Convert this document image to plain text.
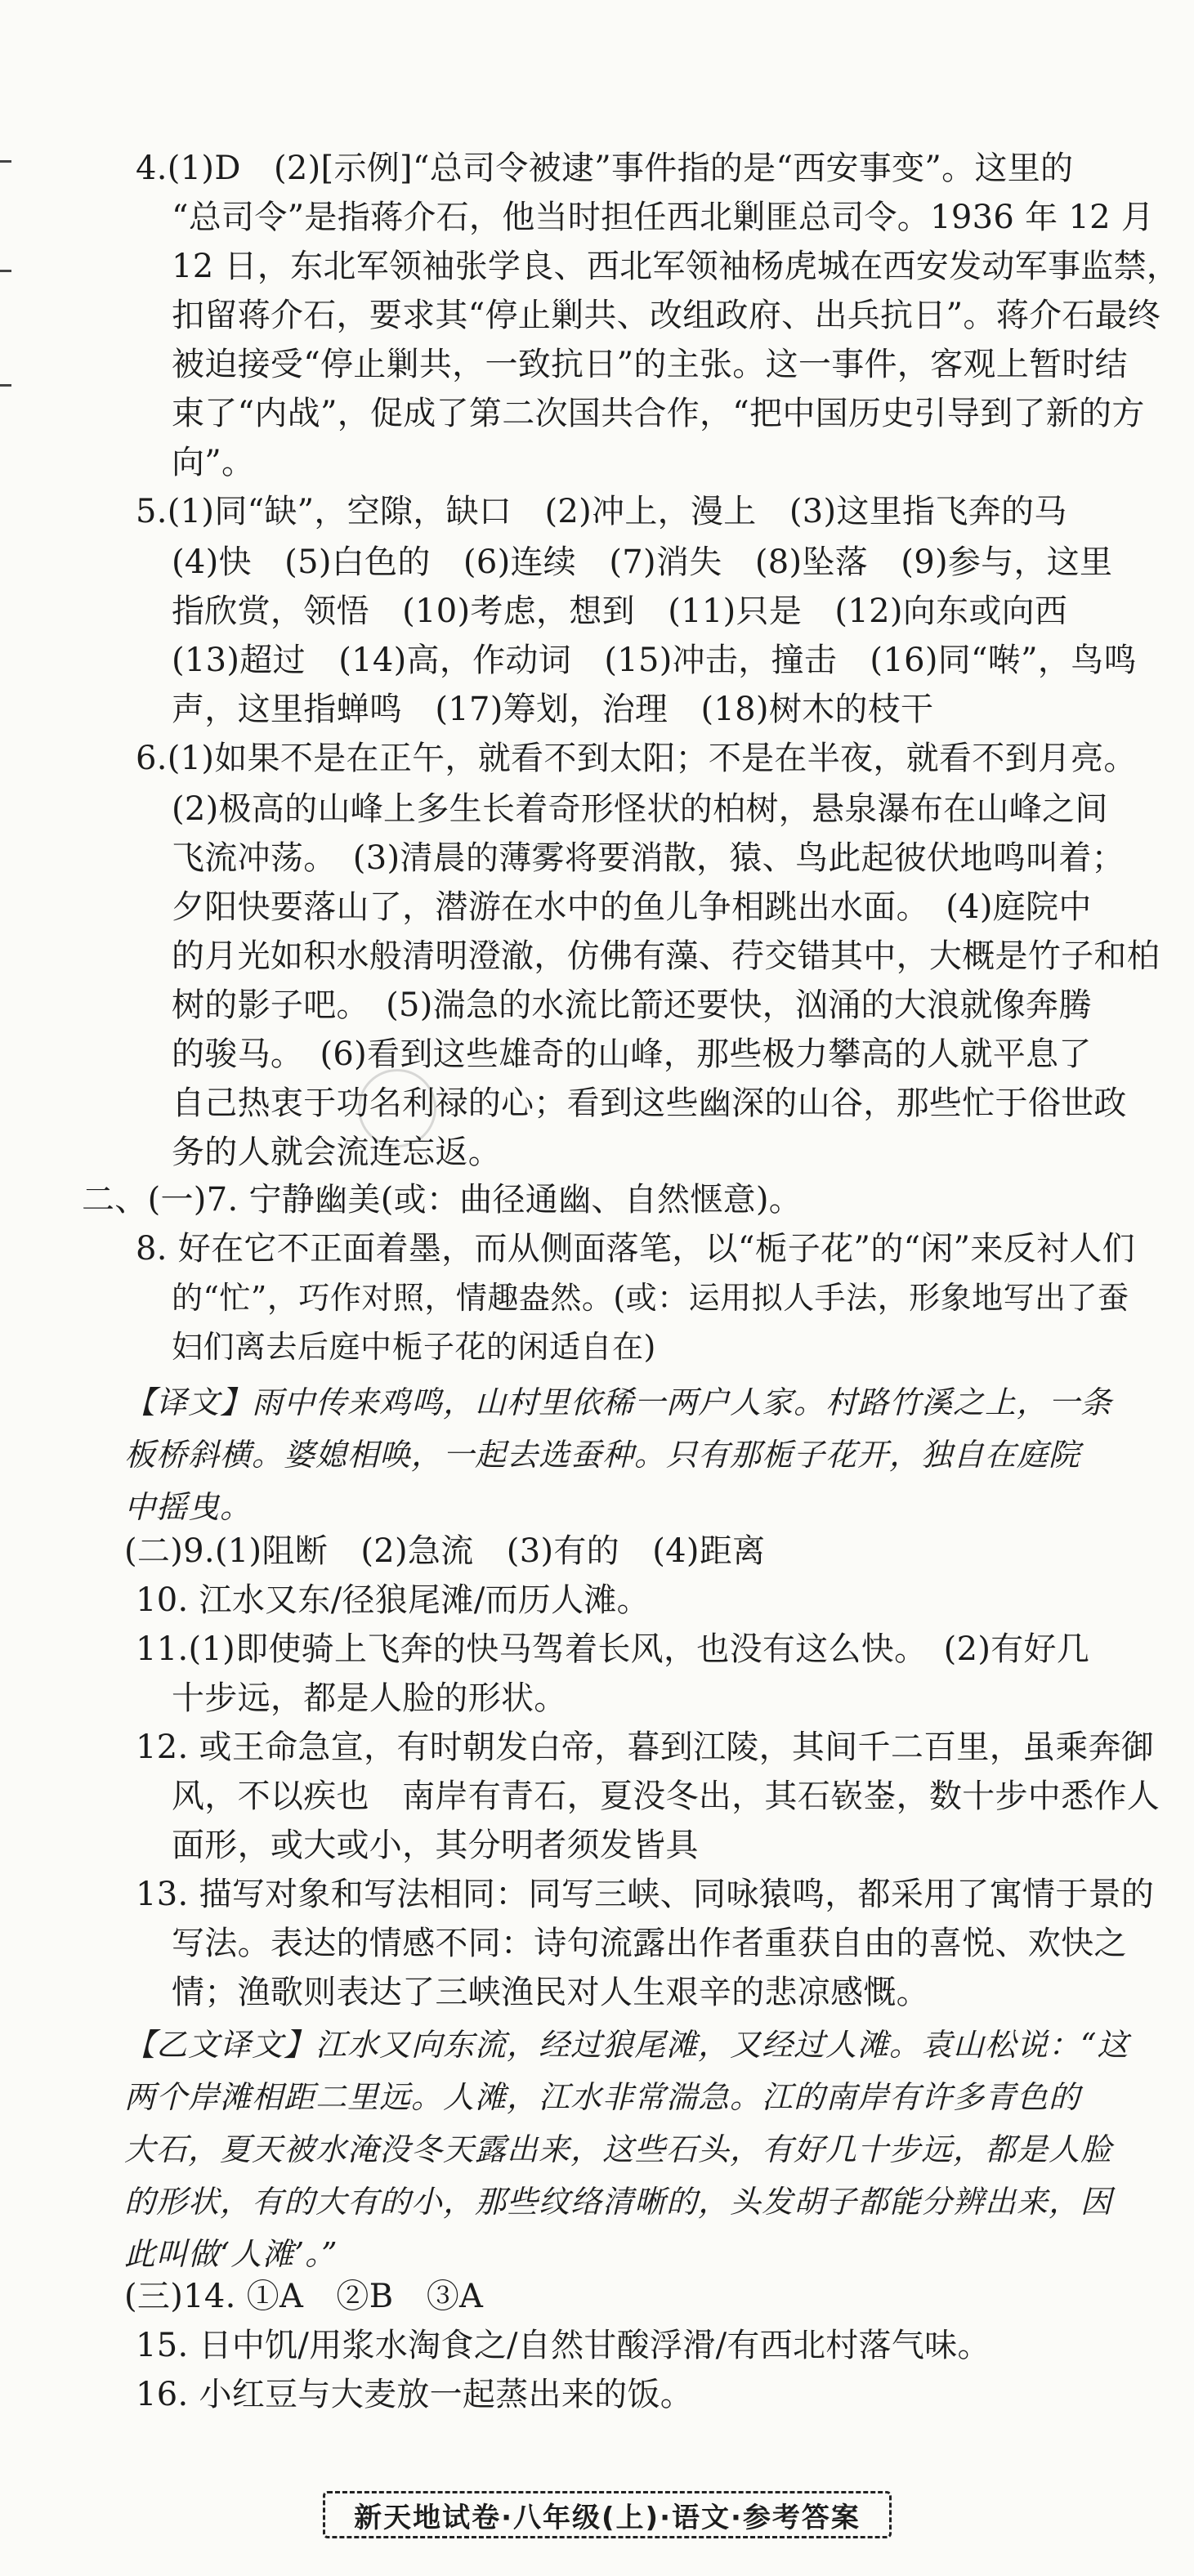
4.(1)D　(2)[示例]“总司令被逮”事件指的是“西安事变”。这里的
“总司令”是指蒋介石，他当时担任西北剿匪总司令。1936 年 12 月
12 日，东北军领袖张学良、西北军领袖杨虎城在西安发动军事监禁，
扣留蒋介石，要求其“停止剿共、改组政府、出兵抗日”。蒋介石最终
被迫接受“停止剿共，一致抗日”的主张。这一事件，客观上暂时结
束了“内战”，促成了第二次国共合作，“把中国历史引导到了新的方
向”。
5.(1)同“缺”，空隙，缺口　(2)冲上，漫上　(3)这里指飞奔的马
(4)快　(5)白色的　(6)连续　(7)消失　(8)坠落　(9)参与，这里
指欣赏，领悟　(10)考虑，想到　(11)只是　(12)向东或向西
(13)超过　(14)高，作动词　(15)冲击，撞击　(16)同“啭”，鸟鸣
声，这里指蝉鸣　(17)筹划，治理　(18)树木的枝干
6.(1)如果不是在正午，就看不到太阳；不是在半夜，就看不到月亮。
(2)极高的山峰上多生长着奇形怪状的柏树，悬泉瀑布在山峰之间
飞流冲荡。　(3)清晨的薄雾将要消散，猿、鸟此起彼伏地鸣叫着；
夕阳快要落山了，潜游在水中的鱼儿争相跳出水面。　(4)庭院中
的月光如积水般清明澄澈，仿佛有藻、荇交错其中，大概是竹子和柏
树的影子吧。　(5)湍急的水流比箭还要快，汹涌的大浪就像奔腾
的骏马。　(6)看到这些雄奇的山峰，那些极力攀高的人就平息了
自己热衷于功名利禄的心；看到这些幽深的山谷，那些忙于俗世政
务的人就会流连忘返。
二、(一)7. 宁静幽美(或：曲径通幽、自然惬意)。
8. 好在它不正面着墨，而从侧面落笔，以“栀子花”的“闲”来反衬人们
的“忙”，巧作对照，情趣盎然。(或：运用拟人手法，形象地写出了蚕
妇们离去后庭中栀子花的闲适自在)
【译文】雨中传来鸡鸣，山村里依稀一两户人家。村路竹溪之上，一条
板桥斜横。婆媳相唤，一起去选蚕种。只有那栀子花开，独自在庭院
中摇曳。
(二)9.(1)阻断　(2)急流　(3)有的　(4)距离
10. 江水又东/径狼尾滩/而历人滩。
11.(1)即使骑上飞奔的快马驾着长风，也没有这么快。　(2)有好几
十步远，都是人脸的形状。
12. 或王命急宣，有时朝发白帝，暮到江陵，其间千二百里，虽乘奔御
风，不以疾也　南岸有青石，夏没冬出，其石嵚崟，数十步中悉作人
面形，或大或小，其分明者须发皆具
13. 描写对象和写法相同：同写三峡、同咏猿鸣，都采用了寓情于景的
写法。表达的情感不同：诗句流露出作者重获自由的喜悦、欢快之
情；渔歌则表达了三峡渔民对人生艰辛的悲凉感慨。
【乙文译文】江水又向东流，经过狼尾滩，又经过人滩。袁山松说：“这
两个岸滩相距二里远。人滩，江水非常湍急。江的南岸有许多青色的
大石，夏天被水淹没冬天露出来，这些石头，有好几十步远，都是人脸
的形状，有的大有的小，那些纹络清晰的，头发胡子都能分辨出来，因
此叫做‘人滩’。”
(三)14. ①A　②B　③A
15. 日中饥/用浆水淘食之/自然甘酸浮滑/有西北村落气味。
16. 小红豆与大麦放一起蒸出来的饭。
新天地试卷·八年级(上)·语文·参考答案
